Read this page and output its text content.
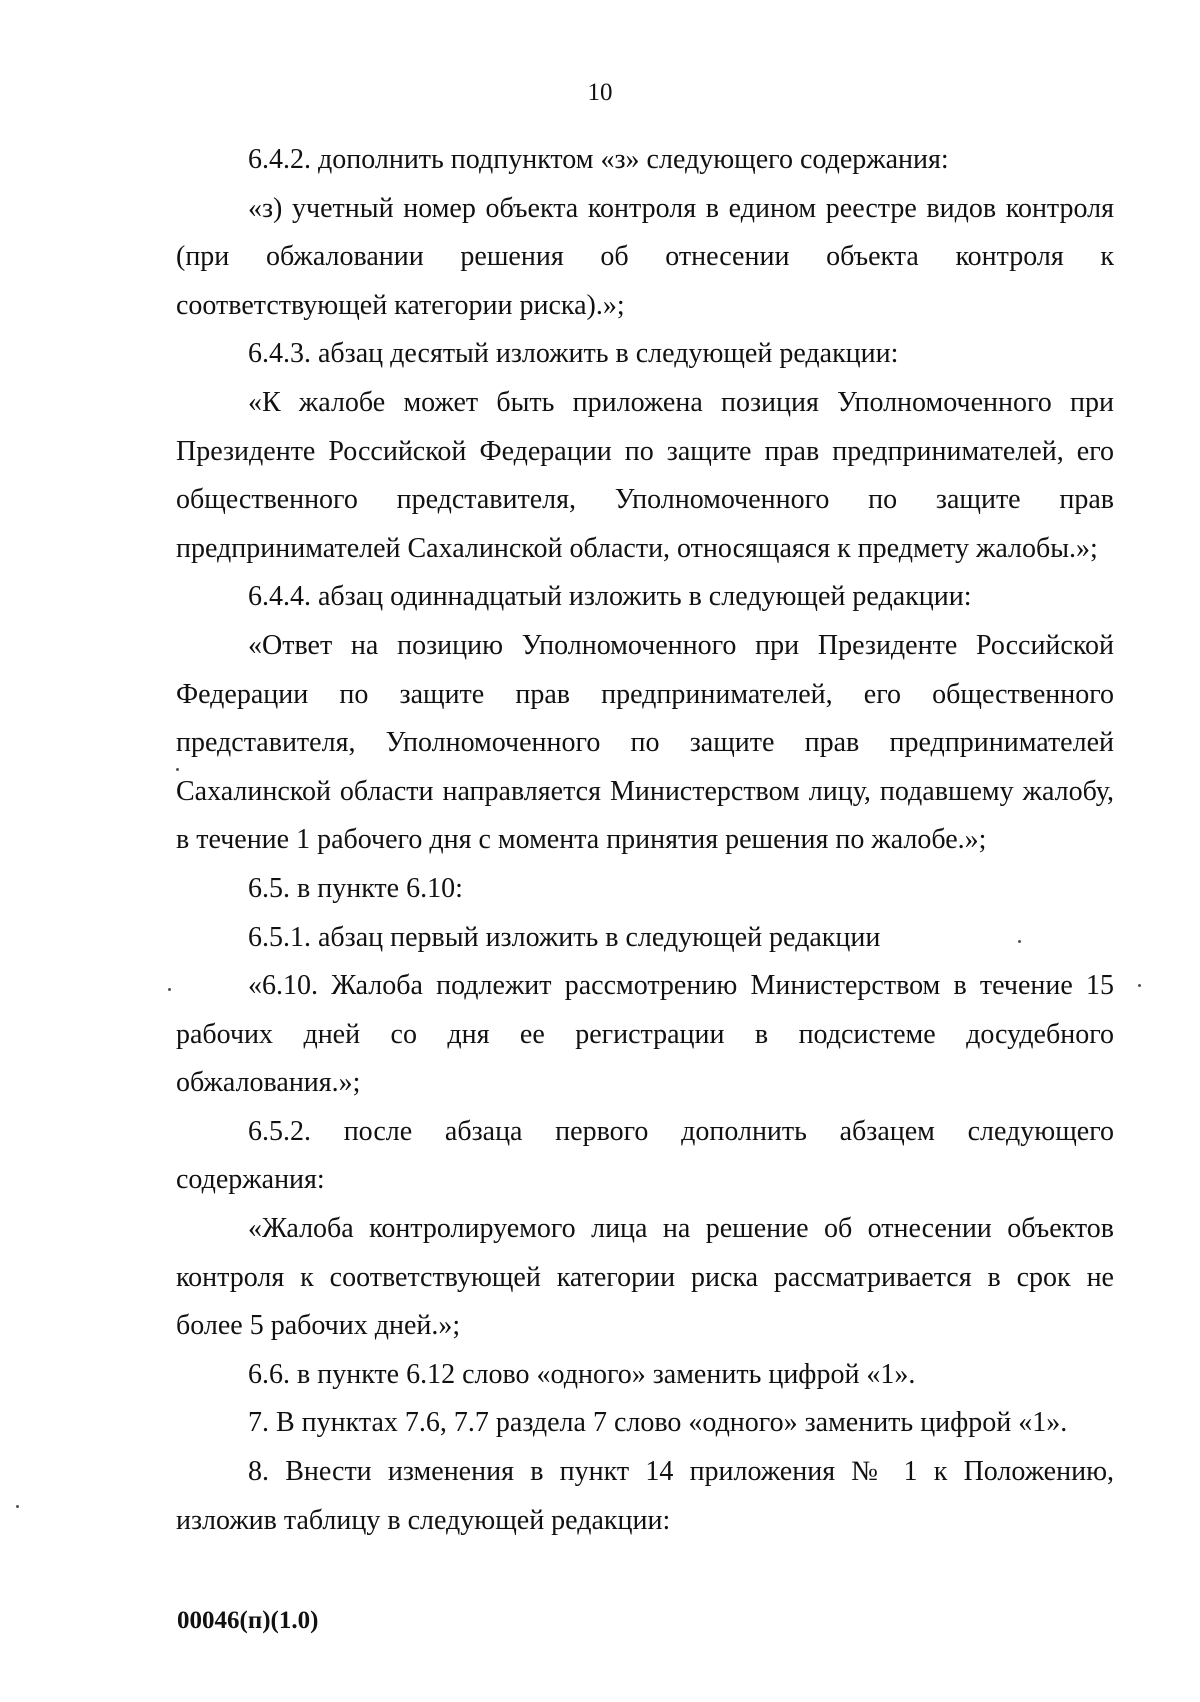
10

6.4.2. дополнить подпунктом «з» следующего содержания:

«з) учетный номер объекта контроля в едином реестре видов контроля (при обжаловании решения об отнесении объекта контроля к соответствующей категории риска).»;

6.4.3. абзац десятый изложить в следующей редакции:

«К жалобе может быть приложена позиция Уполномоченного при Президенте Российской Федерации по защите прав предпринимателей, его общественного представителя, Уполномоченного по защите прав предпринимателей Сахалинской области, относящаяся к предмету жалобы.»;

6.4.4. абзац одиннадцатый изложить в следующей редакции:

«Ответ на позицию Уполномоченного при Президенте Российской Федерации по защите прав предпринимателей, его общественного представителя, Уполномоченного по защите прав предпринимателей Сахалинской области направляется Министерством лицу, подавшему жалобу, в течение 1 рабочего дня с момента принятия решения по жалобе.»;

6.5. в пункте 6.10:

6.5.1. абзац первый изложить в следующей редакции

«6.10. Жалоба подлежит рассмотрению Министерством в течение 15 рабочих дней со дня ее регистрации в подсистеме досудебного обжалования.»;

6.5.2. после абзаца первого дополнить абзацем следующего содержания:

«Жалоба контролируемого лица на решение об отнесении объектов контроля к соответствующей категории риска рассматривается в срок не более 5 рабочих дней.»;

6.6. в пункте 6.12 слово «одного» заменить цифрой «1».

7. В пунктах 7.6, 7.7 раздела 7 слово «одного» заменить цифрой «1».

8. Внести изменения в пункт 14 приложения № 1 к Положению, изложив таблицу в следующей редакции:

00046(п)(1.0)
